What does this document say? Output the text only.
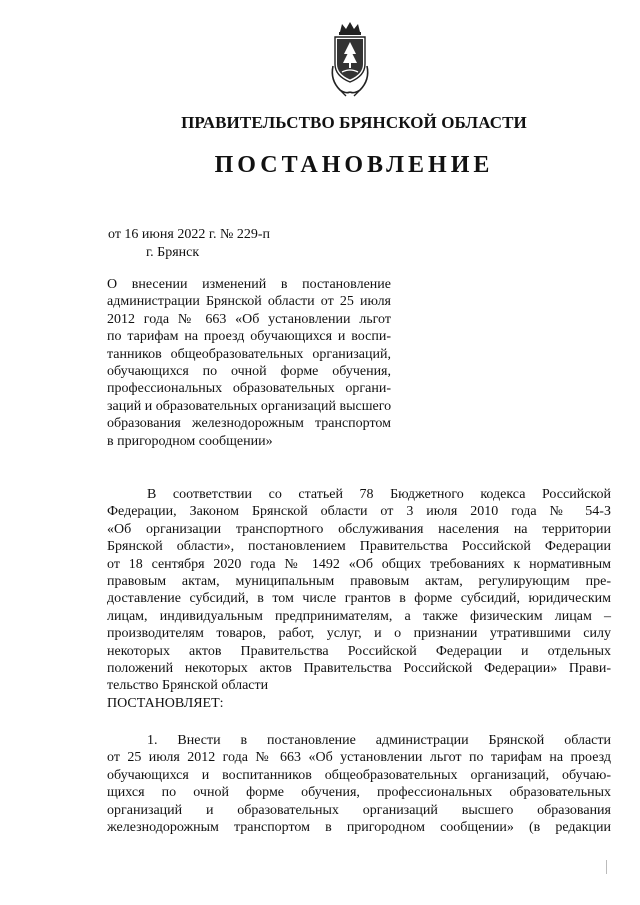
ПРАВИТЕЛЬСТВО БРЯНСКОЙ ОБЛАСТИ
ПОСТАНОВЛЕНИЕ
от 16 июня 2022 г. № 229-п
г. Брянск
О внесении изменений в постановление
администрации Брянской области от 25 июля
2012 года № 663 «Об установлении льгот
по тарифам на проезд обучающихся и воспи-
танников общеобразовательных организаций,
обучающихся по очной форме обучения,
профессиональных образовательных органи-
заций и образовательных организаций высшего
образования железнодорожным транспортом
в пригородном сообщении»
В соответствии со статьей 78 Бюджетного кодекса Российской
Федерации, Законом Брянской области от 3 июля 2010 года № 54-З
«Об организации транспортного обслуживания населения на территории
Брянской области», постановлением Правительства Российской Федерации
от 18 сентября 2020 года № 1492 «Об общих требованиях к нормативным
правовым актам, муниципальным правовым актам, регулирующим пре-
доставление субсидий, в том числе грантов в форме субсидий, юридическим
лицам, индивидуальным предпринимателям, а также физическим лицам –
производителям товаров, работ, услуг, и о признании утратившими силу
некоторых актов Правительства Российской Федерации и отдельных
положений некоторых актов Правительства Российской Федерации» Прави-
тельство Брянской области
ПОСТАНОВЛЯЕТ:
1. Внести в постановление администрации Брянской области
от 25 июля 2012 года № 663 «Об установлении льгот по тарифам на проезд
обучающихся и воспитанников общеобразовательных организаций, обучаю-
щихся по очной форме обучения, профессиональных образовательных
организаций и образовательных организаций высшего образования
железнодорожным транспортом в пригородном сообщении» (в редакции
